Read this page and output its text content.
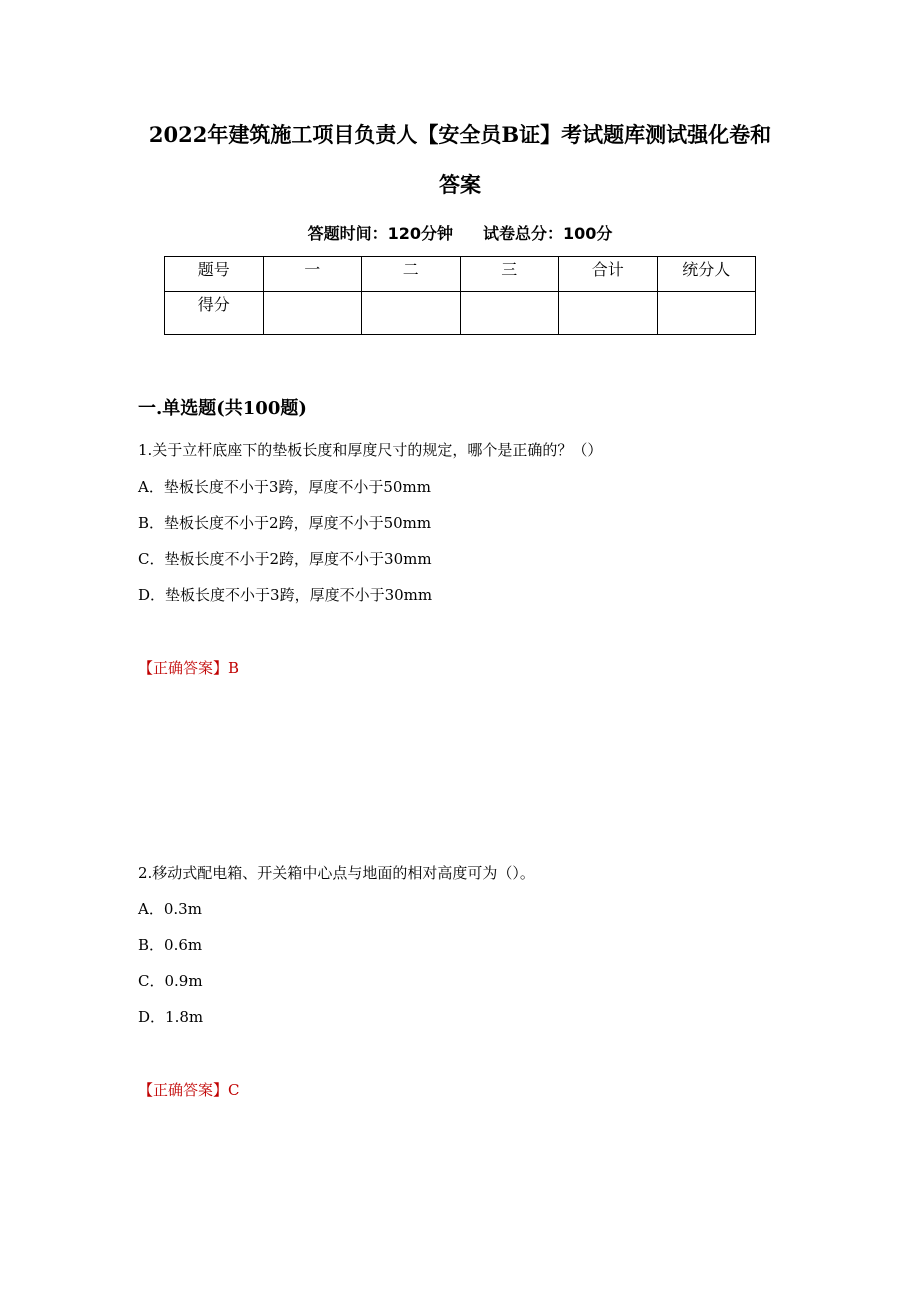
2022年建筑施工项目负责人【安全员B证】考试题库测试强化卷和
答案
答题时间：120分钟 试卷总分：100分
题号	一	二	三	合计	统分人
得分					
一.单选题(共100题)
1.关于立杆底座下的垫板长度和厚度尺寸的规定，哪个是正确的？（）
A．垫板长度不小于3跨，厚度不小于50mm
B．垫板长度不小于2跨，厚度不小于50mm
C．垫板长度不小于2跨，厚度不小于30mm
D．垫板长度不小于3跨，厚度不小于30mm
【正确答案】B
2.移动式配电箱、开关箱中心点与地面的相对高度可为（）。
A．0.3m
B．0.6m
C．0.9m
D．1.8m
【正确答案】C
